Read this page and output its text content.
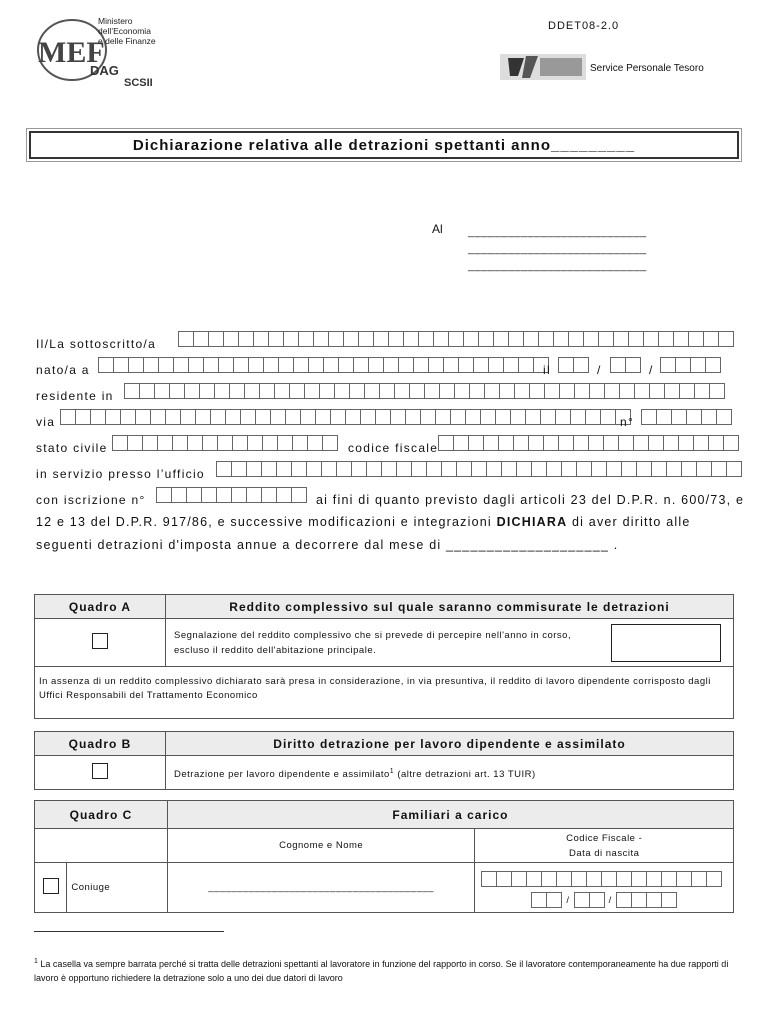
DDET08-2.0
MEF
Ministero
dell’Economia
e delle Finanze
DAG
SCSII
Service Personale Tesoro
Dichiarazione relativa alle detrazioni spettanti anno_________
Al ___________________________
___________________________
___________________________
Il/La sottoscritto/a
nato/a a	il	/	/
residente in
via	n°
stato civile	codice fiscale
in servizio presso l’ufficio
con iscrizione n°	ai fini di quanto previsto dagli articoli 23 del D.P.R. n. 600/73, e
12 e 13 del D.P.R. 917/86, e successive modificazioni e integrazioni DICHIARA di aver diritto alle
seguenti detrazioni d'imposta annue a decorrere dal mese di ____________________ .
Quadro A	Reddito complessivo sul quale saranno commisurate le detrazioni

	Segnalazione del reddito complessivo che si prevede di percepire nell'anno in corso, escluso il reddito dell'abitazione principale.

In assenza di un reddito complessivo dichiarato sarà presa in considerazione, in via presuntiva, il reddito di lavoro dipendente corrisposto dagli Uffici Responsabili del Trattamento Economico	
Quadro B	Diritto detrazione per lavoro dipendente e assimilato
	Detrazione per lavoro dipendente e assimilato$^1$ (altre detrazioni art. 13 TUIR)
Quadro C		Familiari a carico	
		Cognome e Nome	Codice Fiscale -
Data di nascita

	Coniuge	_______________________________________	/ /
$^1$ La casella va sempre barrata perché si tratta delle detrazioni spettanti al lavoratore in funzione del rapporto in corso. Se il lavoratore contemporaneamente ha due rapporti di lavoro è opportuno richiedere la detrazione solo a uno dei due datori di lavoro
